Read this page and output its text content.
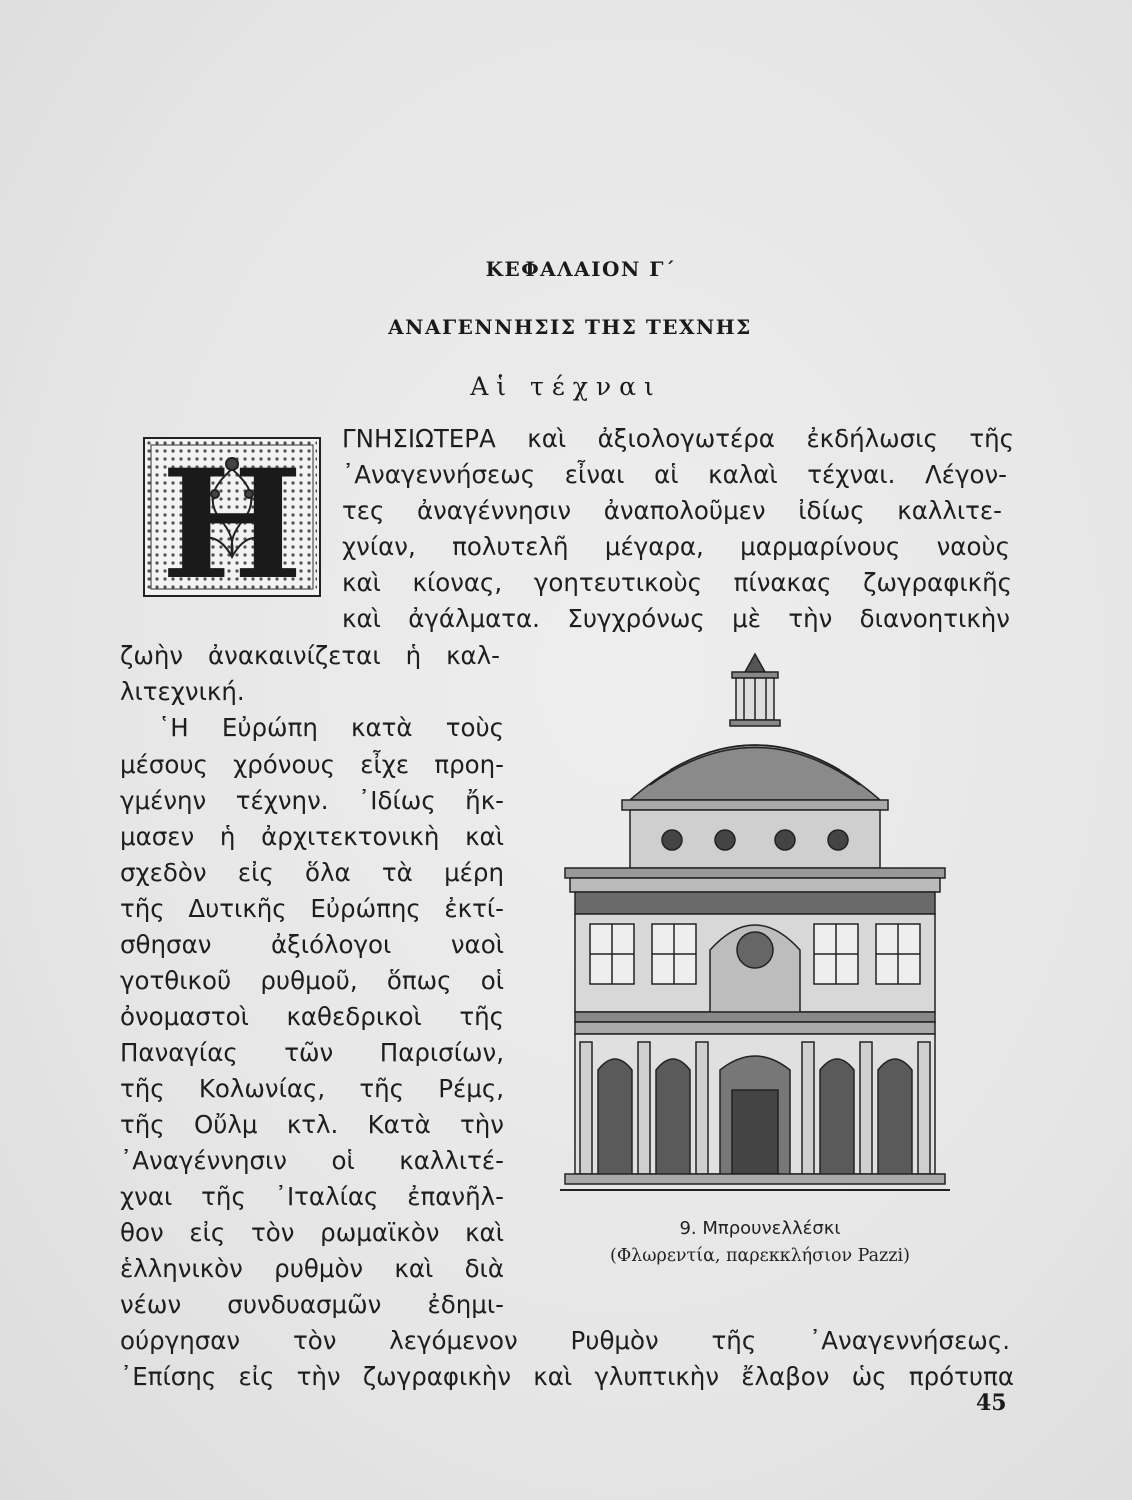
ΚΕΦΑΛΑΙΟΝ Γ΄
ΑΝΑΓΕΝΝΗΣΙΣ ΤΗΣ ΤΕΧΝΗΣ
Αἱ τέχναι
Η ΓΝΗΣΙΩΤΕΡΑ καὶ ἀξιολογωτέρα ἐκδήλωσις τῆς
᾿Αναγεννήσεως εἶναι αἱ καλαὶ τέχναι. Λέγον-
τες ἀναγέννησιν ἀναπολοῦμεν ἰδίως καλλιτε-
χνίαν, πολυτελῆ μέγαρα, μαρμαρίνους ναοὺς
καὶ κίονας, γοητευτικοὺς πίνακας ζωγραφικῆς
καὶ ἀγάλματα. Συγχρόνως μὲ τὴν διανοητικὴν
ζωὴν ἀνακαινίζεται ἡ καλ-
λιτεχνική.
῾Η Εὐρώπη κατὰ τοὺς
μέσους χρόνους εἶχε προη-
γμένην τέχνην. ᾿Ιδίως ἤκ-
μασεν ἡ ἀρχιτεκτονικὴ καὶ
σχεδὸν εἰς ὅλα τὰ μέρη
τῆς Δυτικῆς Εὐρώπης ἐκτί-
σθησαν ἀξιόλογοι ναοὶ
γοτθικοῦ ρυθμοῦ, ὅπως οἱ
ὀνομαστοὶ καθεδρικοὶ τῆς
Παναγίας τῶν Παρισίων,
τῆς Κολωνίας, τῆς Ρέμς,
τῆς Οὔλμ κτλ. Κατὰ τὴν
᾿Αναγέννησιν οἱ καλλιτέ-
χναι τῆς ᾿Ιταλίας ἐπανῆλ-
θον εἰς τὸν ρωμαϊκὸν καὶ
ἑλληνικὸν ρυθμὸν καὶ διὰ
νέων συνδυασμῶν ἐδημι-
ούργησαν τὸν λεγόμενον Ρυθμὸν τῆς ᾿Αναγεννήσεως.
᾿Επίσης εἰς τὴν ζωγραφικὴν καὶ γλυπτικὴν ἔλαβον ὡς πρότυπα
9. Μπρουνελλέσκι
(Φλωρεντία, παρεκκλήσιον Pazzi)
45
